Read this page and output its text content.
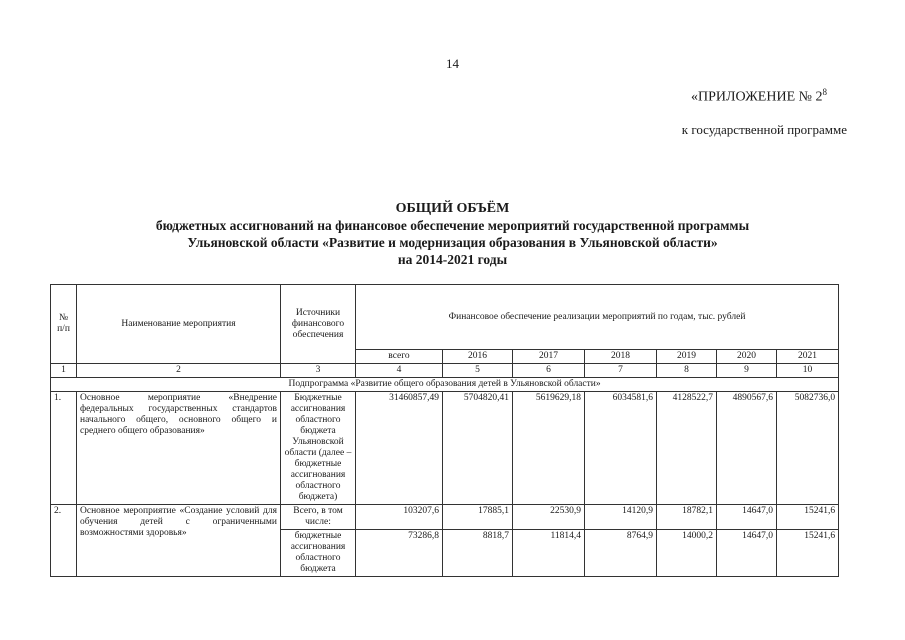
14
«ПРИЛОЖЕНИЕ № $2^8$
к государственной программе
ОБЩИЙ ОБЪЁМ
бюджетных ассигнований на финансовое обеспечение мероприятий государственной программы
Ульяновской области «Развитие и модернизация образования в Ульяновской области»
на 2014-2021 годы
№ п/п	Наименование мероприятия	Источники финансового обеспечения	Финансовое обеспечение реализации мероприятий по годам, тыс. рублей						
			всего	2016	2017	2018	2019	2020	2021
1	2	3	4	5	6	7	8	9	10
Подпрограмма «Развитие общего образования детей в Ульяновской области»									
1.	Основное мероприятие «Внедрение федеральных государственных стандартов начального общего, основного общего и среднего общего образования»	Бюджетные ассигнования областного бюджета Ульяновской области (далее – бюджетные ассигнования областного бюджета)	31460857,49	5704820,41	5619629,18	6034581,6	4128522,7	4890567,6	5082736,0
2.	Основное мероприятие «Создание условий для обучения детей с ограниченными возможностями здоровья»	Всего, в том числе:	103207,6	17885,1	22530,9	14120,9	18782,1	14647,0	15241,6
		бюджетные ассигнования областного бюджета	73286,8	8818,7	11814,4	8764,9	14000,2	14647,0	15241,6
